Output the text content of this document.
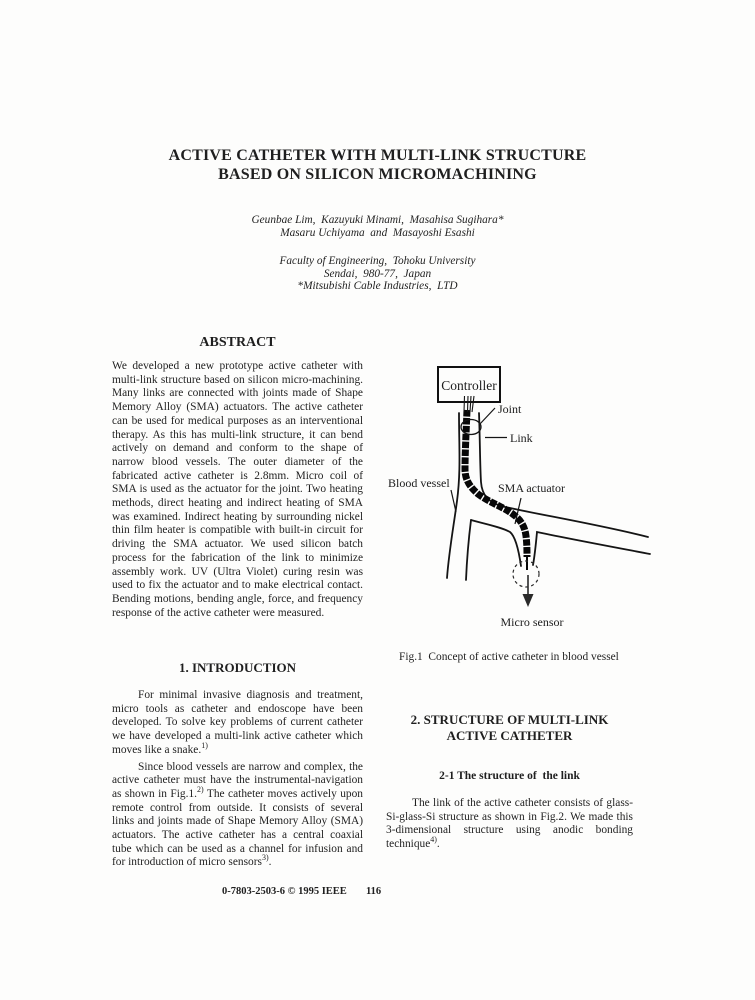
ACTIVE CATHETER WITH MULTI-LINK STRUCTURE
BASED ON SILICON MICROMACHINING
Geunbae Lim,  Kazuyuki Minami,  Masahisa Sugihara*
Masaru Uchiyama  and  Masayoshi Esashi
Faculty of Engineering,  Tohoku University
Sendai,  980-77,  Japan
*Mitsubishi Cable Industries,  LTD
ABSTRACT

We developed a new prototype active catheter with multi-link structure based on silicon micro-machining. Many links are connected with joints made of Shape Memory Alloy (SMA) actuators. The active catheter can be used for medical purposes as an interventional therapy. As this has multi-link structure, it can bend actively on demand and conform to the shape of narrow blood vessels. The outer diameter of the fabricated active catheter is 2.8mm. Micro coil of SMA is used as the actuator for the joint. Two heating methods, direct heating and indirect heating of SMA was examined. Indirect heating by surrounding nickel thin film heater is compatible with built-in circuit for driving the SMA actuator. We used silicon batch process for the fabrication of the link to minimize assembly work. UV (Ultra Violet) curing resin was used to fix the actuator and to make electrical contact. Bending motions, bending angle, force, and frequency response of the active catheter were measured.

1. INTRODUCTION

For minimal invasive diagnosis and treatment, micro tools as catheter and endoscope have been developed. To solve key problems of current catheter we have developed a multi-link active catheter which moves like a snake.$^{1)}$

Since blood vessels are narrow and complex, the active catheter must have the instrumental-navigation as shown in Fig.1.$^{2)}$ The catheter moves actively upon remote control from outside. It consists of several links and joints made of Shape Memory Alloy (SMA) actuators. The active catheter has a central coaxial tube which can be used as a channel for infusion and for introduction of micro sensors$^{3)}$.

Controller
Joint
Link
Blood vessel	SMA actuator
Micro sensor
Fig.1  Concept of active catheter in blood vessel
2. STRUCTURE OF MULTI-LINK
ACTIVE CATHETER
2-1 The structure of  the link

The link of the active catheter consists of glass-Si-glass-Si structure as shown in Fig.2. We made this 3-dimensional structure using anodic bonding technique$^{4)}$.

0-7803-2503-6 © 1995 IEEE 116
